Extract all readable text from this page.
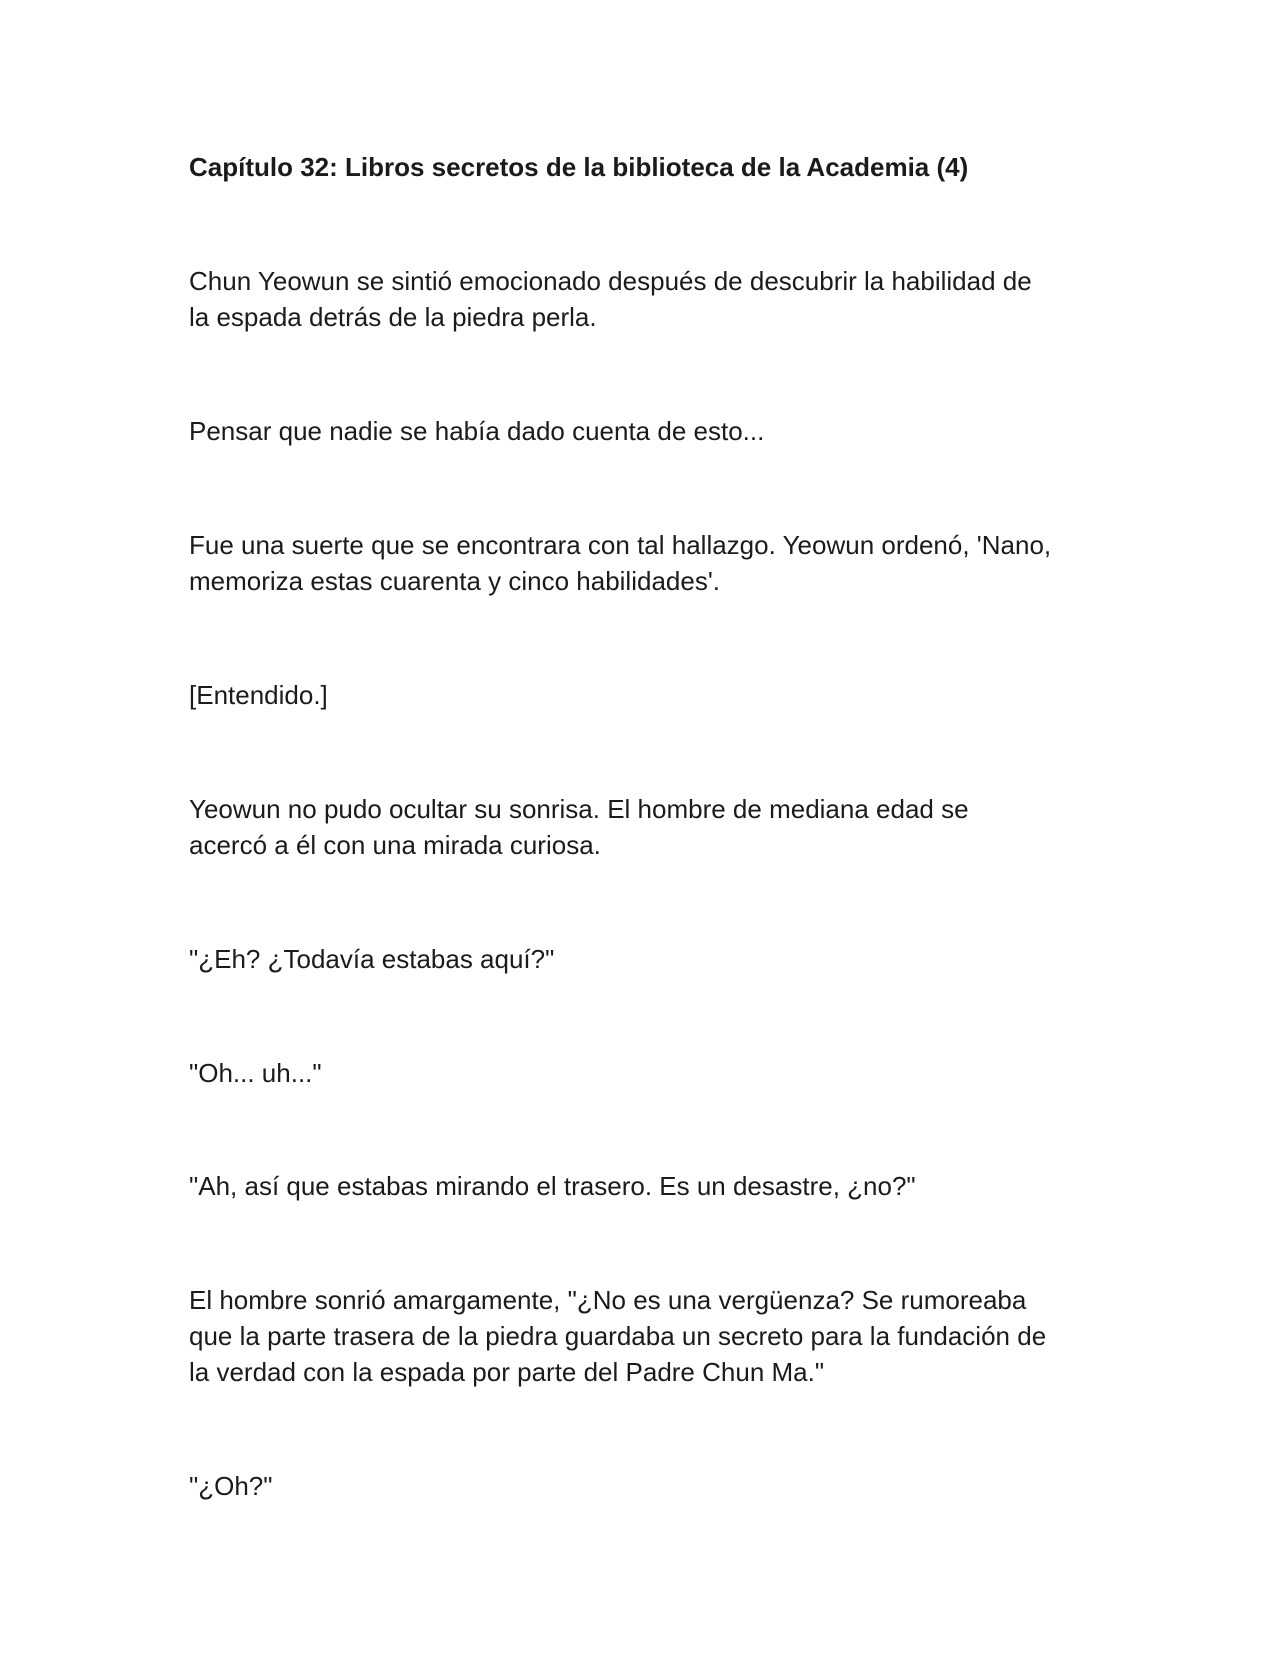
Capítulo 32: Libros secretos de la biblioteca de la Academia (4)

Chun Yeowun se sintió emocionado después de descubrir la habilidad de
la espada detrás de la piedra perla.

Pensar que nadie se había dado cuenta de esto...

Fue una suerte que se encontrara con tal hallazgo. Yeowun ordenó, 'Nano,
memoriza estas cuarenta y cinco habilidades'.

[Entendido.]

Yeowun no pudo ocultar su sonrisa. El hombre de mediana edad se
acercó a él con una mirada curiosa.

"¿Eh? ¿Todavía estabas aquí?"

"Oh... uh..."

"Ah, así que estabas mirando el trasero. Es un desastre, ¿no?"

El hombre sonrió amargamente, "¿No es una vergüenza? Se rumoreaba
que la parte trasera de la piedra guardaba un secreto para la fundación de
la verdad con la espada por parte del Padre Chun Ma."

"¿Oh?"
